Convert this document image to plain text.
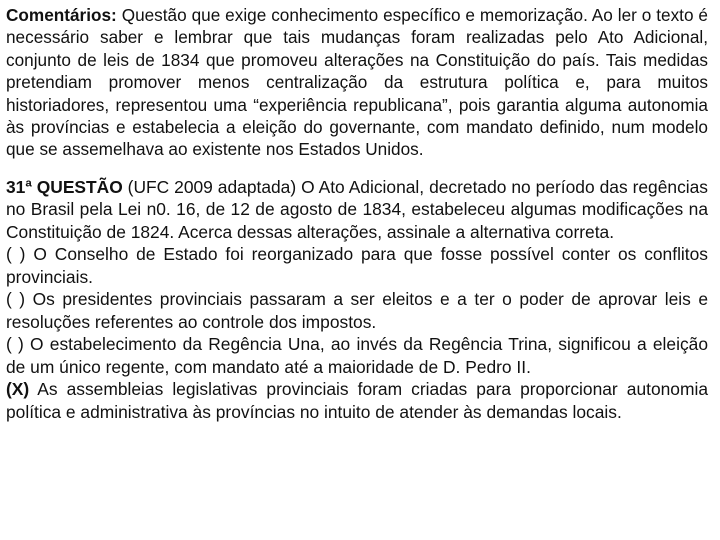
Comentários: Questão que exige conhecimento específico e memorização. Ao ler o texto é necessário saber e lembrar que tais mudanças foram realizadas pelo Ato Adicional, conjunto de leis de 1834 que promoveu alterações na Constituição do país. Tais medidas pretendiam promover menos centralização da estrutura política e, para muitos historiadores, representou uma “experiência republicana”, pois garantia alguma autonomia às províncias e estabelecia a eleição do governante, com mandato definido, num modelo que se assemelhava ao existente nos Estados Unidos.

31ª QUESTÃO (UFC 2009 adaptada) O Ato Adicional, decretado no período das regências no Brasil pela Lei n0. 16, de 12 de agosto de 1834, estabeleceu algumas modificações na Constituição de 1824. Acerca dessas alterações, assinale a alternativa correta.

( ) O Conselho de Estado foi reorganizado para que fosse possível conter os conflitos provinciais.

( ) Os presidentes provinciais passaram a ser eleitos e a ter o poder de aprovar leis e resoluções referentes ao controle dos impostos.

( ) O estabelecimento da Regência Una, ao invés da Regência Trina, significou a eleição de um único regente, com mandato até a maioridade de D. Pedro II.

(X) As assembleias legislativas provinciais foram criadas para proporcionar autonomia política e administrativa às províncias no intuito de atender às demandas locais.
